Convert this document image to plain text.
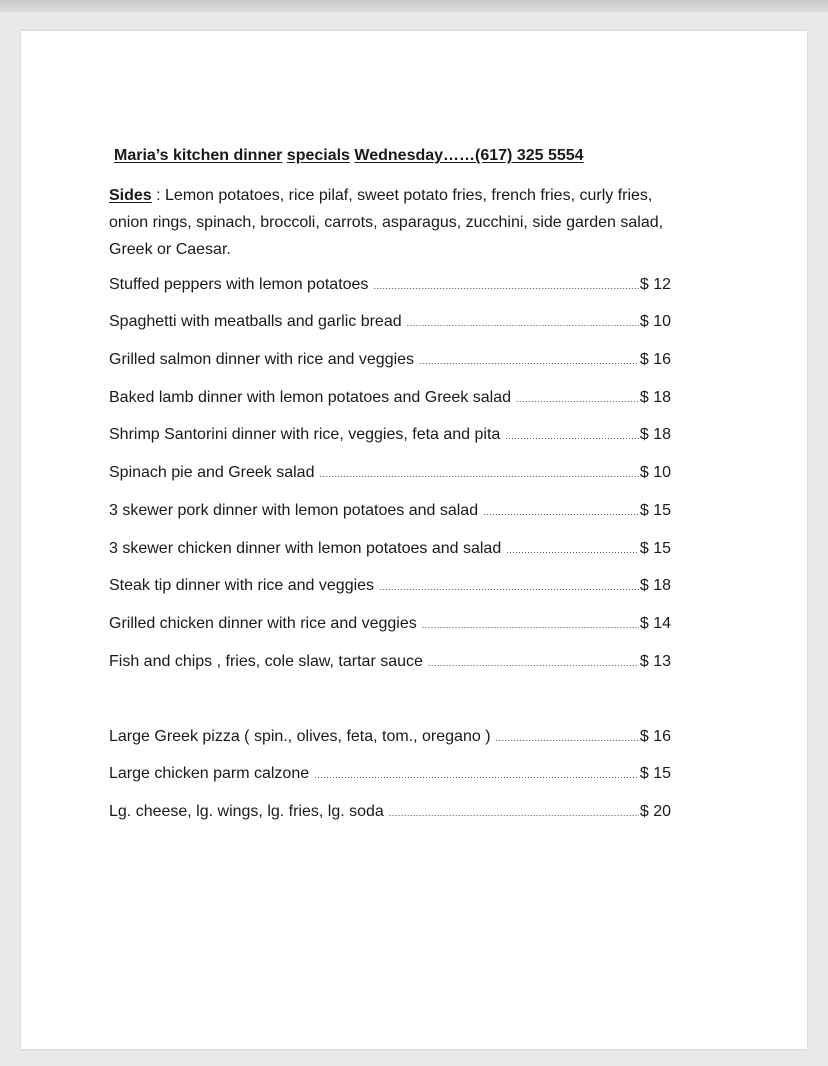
Maria’s kitchen dinner specials Wednesday……(617) 325 5554
Sides : Lemon potatoes, rice pilaf, sweet potato fries, french fries, curly fries, onion rings, spinach, broccoli, carrots, asparagus, zucchini, side garden salad, Greek or Caesar.
Stuffed peppers with lemon potatoes .....	$ 12
Spaghetti with meatballs and garlic bread .....	$ 10
Grilled salmon dinner with rice and veggies .....	$ 16
Baked lamb dinner with lemon potatoes and Greek salad .....	$ 18
Shrimp Santorini dinner with rice, veggies, feta and pita .....	$ 18
Spinach pie and Greek salad .....	$ 10
3 skewer pork dinner with lemon potatoes and salad .....	$ 15
3 skewer chicken dinner with lemon potatoes and salad .....	$ 15
Steak tip dinner with rice and veggies .....	$ 18
Grilled chicken dinner with rice and veggies .....	$ 14
Fish and chips , fries, cole slaw, tartar sauce .....	$ 13
Large Greek pizza ( spin., olives, feta, tom., oregano ) .....	$ 16
Large chicken parm calzone .....	$ 15
Lg. cheese, lg. wings, lg. fries, lg. soda .....	$ 20
